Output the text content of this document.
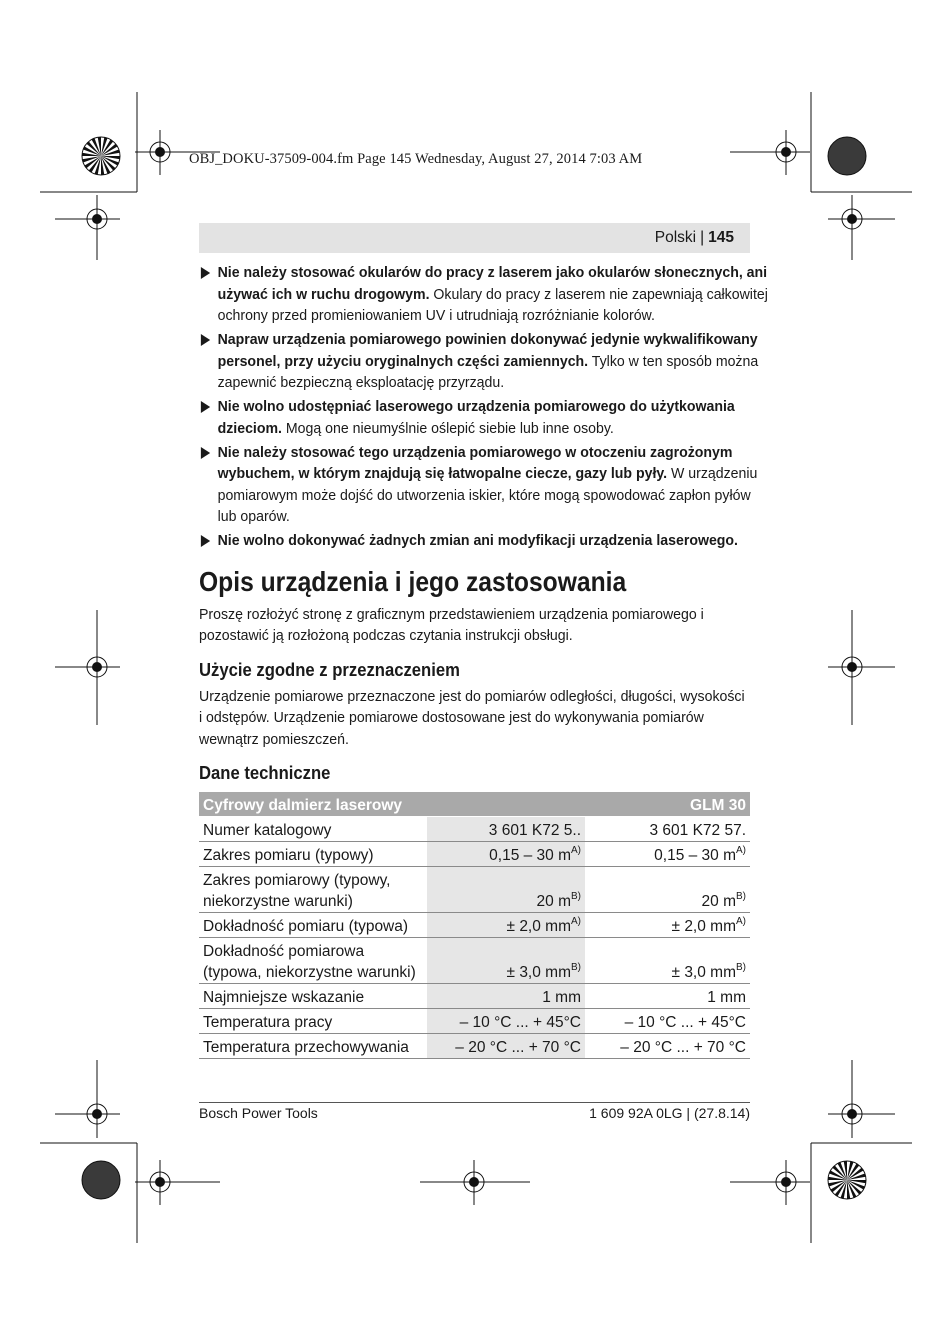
OBJ_DOKU-37509-004.fm Page 145 Wednesday, August 27, 2014 7:03 AM
Polski | 145
Nie należy stosować okularów do pracy z laserem jako okularów słonecznych, ani używać ich w ruchu drogowym. Okulary do pracy z laserem nie zapewniają całkowitej ochrony przed promieniowaniem UV i utrudniają rozróżnianie kolorów.
Napraw urządzenia pomiarowego powinien dokonywać jedynie wykwalifikowany personel, przy użyciu oryginalnych części zamiennych. Tylko w ten sposób można zapewnić bezpieczną eksploatację przyrządu.
Nie wolno udostępniać laserowego urządzenia pomiarowego do użytkowania dzieciom. Mogą one nieumyślnie oślepić siebie lub inne osoby.
Nie należy stosować tego urządzenia pomiarowego w otoczeniu zagrożonym wybuchem, w którym znajdują się łatwopalne ciecze, gazy lub pyły. W urządzeniu pomiarowym może dojść do utworzenia iskier, które mogą spowodować zapłon pyłów lub oparów.
Nie wolno dokonywać żadnych zmian ani modyfikacji urządzenia laserowego.
Opis urządzenia i jego zastosowania
Proszę rozłożyć stronę z graficznym przedstawieniem urządzenia pomiarowego i pozostawić ją rozłożoną podczas czytania instrukcji obsługi.
Użycie zgodne z przeznaczeniem
Urządzenie pomiarowe przeznaczone jest do pomiarów odległości, długości, wysokości i odstępów. Urządzenie pomiarowe dostosowane jest do wykonywania pomiarów wewnątrz pomieszczeń.
Dane techniczne
Cyfrowy dalmierz laserowy		GLM 30
Numer katalogowy	3 601 K72 5..	3 601 K72 57.
Zakres pomiaru (typowy)	0,15 – 30 $m^{A)}$	0,15 – 30 $m^{A)}$
Zakres pomiarowy (typowy, niekorzystne warunki)	20 $m^{B)}$	20 $m^{B)}$
Dokładność pomiaru (typowa)	± 2,0 $mm^{A)}$	± 2,0 $mm^{A)}$
Dokładność pomiarowa (typowa, niekorzystne warunki)	± 3,0 $mm^{B)}$	± 3,0 $mm^{B)}$
Najmniejsze wskazanie	1 mm	1 mm
Temperatura pracy	– 10 °C ... + 45°C	– 10 °C ... + 45°C
Temperatura przechowywania	– 20 °C ... + 70 °C	– 20 °C ... + 70 °C
Bosch Power Tools	1 609 92A 0LG | (27.8.14)
